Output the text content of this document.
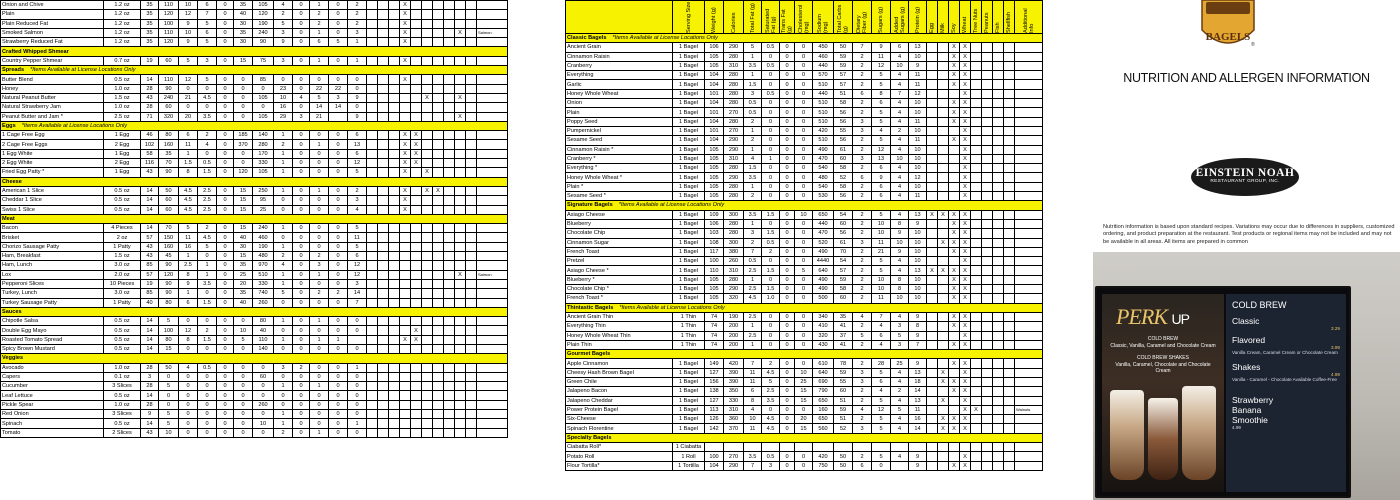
Onion and Chive	1.2 oz	35	110	10	6	0	35	105	4	0	1	0	2				X							
Plain	1.2 oz	35	120	12	7	0	40	120	2	0	2	0	2				X							
Plain Reduced Fat	1.2 oz	35	100	9	5	0	30	190	5	0	2	0	2				X							
Smoked Salmon	1.2 oz	35	110	10	6	0	35	240	3	0	1	0	3				X					X		Salmon
Strawberry Reduced Fat	1.2 oz	35	120	9	5	0	30	90	9	0	6	5	1				X							
Crafted Whipped Shmear																								
Country Pepper Shmear	0.7 oz	19	60	5	3	0	15	75	3	0	1	0	1				X							
Spreads *Items Available at License Locations Only																								
Butter Blend	0.5 oz	14	110	12	5	0	0	85	0	0	0	0	0				X							
Honey	1.0 oz	28	90	0	0	0	0	0	23	0	22	22	0											
Natural Peanut Butter	1.5 oz	43	240	21	4.5	0	0	105	10	4	5	3	9						X			X		
Natural Strawberry Jam	1.0 oz	28	60	0	0	0	0	0	16	0	14	14	0											
Peanut Butter and Jam *	2.5 oz	71	320	20	3.5	0	0	105	29	3	21		9									X		
Eggs *Items Available at License Locations Only																								
1 Cage Free Egg	1 Egg	46	80	6	2	0	185	140	1	0	0	0	6				X	X						
2 Cage Free Eggs	2 Egg	102	160	11	4	0	370	280	2	0	1	0	13				X	X						
1 Egg White	1 Egg	58	35	1	0	0	0	170	1	0	0	0	6				X	X						
2 Egg White	2 Egg	116	70	1.5	0.5	0	0	330	1	0	0	0	12				X	X						
Fried Egg Patty *	1 Egg	43	90	8	1.5	0	120	105	1	0	0	0	5				X		X					
Cheese																								
American 1 Slice	0.5 oz	14	50	4.5	2.5	0	15	250	1	0	1	0	2				X		X	X				
Cheddar 1 Slice	0.5 oz	14	60	4.5	2.5	0	15	95	0	0	0	0	3				X							
Swiss 1 Slice	0.5 oz	14	60	4.5	2.5	0	15	25	0	0	0	0	4				X							
Meat																								
Bacon	4 Pieces	14	70	5	2	0	15	240	1	0	0	0	5											
Brisket	2 oz	57	150	11	4.5	0	40	460	0	0	0	0	11											
Chorizo Sausage Patty	1 Patty	43	160	16	5	0	30	190	1	0	0	0	5											
Ham, Breakfast	1.5 oz	43	45	1	0	0	15	480	2	0	2	0	6											
Ham, Lunch	3.0 oz	85	90	2.5	1	0	35	970	4	0	3	0	12											
Lox	2.0 oz	57	120	8	1	0	25	510	1	0	1	0	12									X		Salmon
Pepperoni Slices	10 Pieces	19	90	9	3.5	0	20	330	1	0	0	0	3											
Turkey, Lunch	3.0 oz	85	90	1	0	0	35	740	5	0	2	2	14											
Turkey Sausage Patty	1 Patty	40	80	6	1.5	0	40	260	0	0	0	0	7											
Sauces																								
Chipotle Salsa	0.5 oz	14	5	0	0	0	0	80	1	0	1	0	0											
Double Egg Mayo	0.5 oz	14	100	12	2	0	10	40	0	0	0	0	0					X						
Roasted Tomato Spread	0.5 oz	14	80	8	1.5	0	5	110	1	0	1	1					X	X						
Spicy Brown Mustard	0.5 oz	14	15	0	0	0	0	140	0	0	0	0	0											
Veggies																								
Avocado	1.0 oz	28	50	4	0.5	0	0	0	3	2	0	0	1											
Capers	0.1 oz	3	0	0	0	0	0	60	0	0	0	0	0											
Cucumber	3 Slices	28	5	0	0	0	0	0	1	0	1	0	0											
Leaf Lettuce	0.5 oz	14	0	0	0	0	0	0	0	0	0	0	0											
Pickle Spear	1.0 oz	28	0	0	0	0	0	260	0	0	0	0	0											
Red Onion	3 Slices	9	5	0	0	0	0	0	1	0	0	0	0											
Spinach	0.5 oz	14	5	0	0	0	0	10	1	0	0	0	1											
Tomato	2 Slices	43	10	0	0	0	0	0	2	0	1	0	0											

	Serving Size	Weight (g)	Calories	Total Fat (g)	Saturated Fat (g)	Trans Fat (g)	Cholesterol (mg)	Sodium (mg)	Total Carbs (g)	Dietary Fiber (g)	Sugars (g)	Added Sugars (g)	Protein (g)	Egg	Milk	Soy	Wheat	Tree Nuts	Peanuts	Fish	Shellfish	Additional Info

Classic Bagels *Items Available at License Locations Only																						
Ancient Grain	1 Bagel	106	290	5	0.5	0	0	450	50	7	9	6	13			X	X					
Cinnamon Raisin	1 Bagel	105	280	1	0	0	0	460	59	2	11	4	10			X	X					
Cranberry	1 Bagel	105	310	3.5	0.5	0	0	440	59	2	12	10	9			X	X					
Everything	1 Bagel	104	280	1	0	0	0	570	57	2	5	4	11			X	X					
Garlic	1 Bagel	104	280	1.5	0	0	0	510	57	2	5	4	11			X	X					
Honey Whole Wheat	1 Bagel	101	280	3	0.5	0	0	440	51	6	8	7	12				X					
Onion	1 Bagel	104	280	0.5	0	0	0	510	58	2	6	4	10			X	X					
Plain	1 Bagel	101	270	0.5	0	0	0	510	56	2	5	4	10			X	X					
Poppy Seed	1 Bagel	104	280	2	0	0	0	510	56	3	5	4	11			X	X					
Pumpernickel	1 Bagel	101	270	1	0	0	0	420	55	3	4	2	10				X					
Sesame Seed	1 Bagel	104	290	2	0	0	0	510	56	2	5	4	11			X	X					
Cinnamon Raisin *	1 Bagel	105	290	1	0	0	0	490	61	2	12	4	10				X					
Cranberry *	1 Bagel	105	310	4	1	0	0	470	60	3	13	10	10				X					
Everything *	1 Bagel	105	280	1.5	0	0	0	540	58	2	6	4	10				X					
Honey Whole Wheat *	1 Bagel	105	290	3.5	0	0	0	480	52	6	9	4	12				X					
Plain *	1 Bagel	105	280	1	0	0	0	540	58	2	6	4	10				X					
Sesame Seed *	1 Bagel	105	280	2	0	0	0	530	56	2	6	4	11				X					
Signature Bagels *Items Available at License Locations Only																						
Asiago Cheese	1 Bagel	109	300	3.5	1.5	0	10	650	54	2	5	4	13	X	X	X	X					
Blueberry	1 Bagel	106	280	1	0	0	0	440	60	2	10	8	9			X	X					
Chocolate Chip	1 Bagel	103	280	3	1.5	0	0	470	56	2	10	9	10			X	X					
Cinnamon Sugar	1 Bagel	108	300	2	0.5	0	0	520	61	3	11	10	10		X	X	X					
French Toast	1 Bagel	117	380	7	2	0	0	490	70	2	21	9	10			X	X					
Pretzel	1 Bagel	100	260	0.5	0	0	0	4440	54	2	5	4	10				X					
Asiago Cheese *	1 Bagel	110	310	2.5	1.5	0	5	640	57	2	5	4	13	X	X	X	X					
Blueberry *	1 Bagel	105	280	1	0	0	0	490	59	2	10	8	10			X	X					
Chocolate Chip *	1 Bagel	105	290	2.5	1.5	0	0	490	58	2	10	8	10			X	X					
French Toast *	1 Bagel	105	320	4.5	1.0	0	0	500	60	2	11	10	10			X	X					
Thintastic Bagels *Items Available at License Locations Only																						
Ancient Grain Thin	1 Thin	74	190	2.5	0	0	0	340	35	4	7	4	9			X	X					
Everything Thin	1 Thin	74	200	1	0	0	0	410	41	2	4	3	8			X	X					
Honey Whole Wheat Thin	1 Thin	74	200	2.5	0	0	0	320	37	5	6	5	9				X					
Plain Thin	1 Thin	74	200	1	0	0	0	430	41	2	4	3	7			X	X					
Gourmet Bagels																						
Apple Cinnamon	1 Bagel	149	420	7	2	0	0	610	78	2	28	25	9			X	X					
Cheesy Hash Brown Bagel	1 Bagel	127	390	11	4.5	0	10	640	59	3	5	4	13		X		X					
Green Chile	1 Bagel	156	390	11	5	0	25	690	55	3	6	4	18		X	X	X					
Jalapeno Bacon	1 Bagel	138	350	6	2.5	0	15	790	60	2	4	2	14			X	X					
Jalapeno Cheddar	1 Bagel	127	330	8	3.5	0	15	650	51	2	5	4	13		X		X					
Power Protein Bagel	1 Bagel	113	310	4	0	0	0	160	59	4	12	5	11				X	X				Walnuts
Six-Cheese	1 Bagel	126	360	10	4.5	0	20	650	51	2	5	4	16		X	X	X					
Spinach Florentine	1 Bagel	142	370	11	4.5	0	15	560	52	3	5	4	14		X	X	X					
Specialty Bagels																						
Ciabatta Roll*	1 Ciabatta																					
Potato Roll	1 Roll	100	270	3.5	0.5	0	0	420	50	2	5	4	9				X					
Flour Tortilla*	1 Tortilla	104	290	7	3	0	0	750	50	6	0		9			X	X					
BAGELS
®
NUTRITION AND ALLERGEN INFORMATION
EINSTEIN NOAH
RESTAURANT GROUP, INC.
Nutrition information is based upon standard recipes. Variations may occur due to differences in suppliers, customized ordering, and product preparation at the restaurant. Test products or regional items may not be included and may not be available in all areas. All items are prepared in common
PERK UP
COLD BREW
Classic, Vanilla, Caramel and Chocolate Cream
COLD BREW SHAKES
Vanilla, Caramel, Chocolate and Chocolate Cream
COLD BREW
Classic
3.29
Flavored
3.99
Vanilla Cream, Caramel Cream or Chocolate Cream
Shakes
4.99
Vanilla - Caramel - Chocolate Available Coffee-Free
Strawberry Banana Smoothie
4.99
